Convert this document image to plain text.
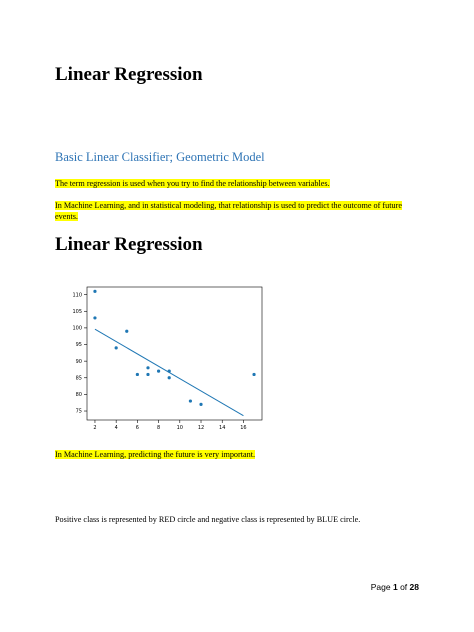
Linear Regression
Basic Linear Classifier; Geometric Model
The term regression is used when you try to find the relationship between variables.
In Machine Learning, and in statistical modeling, that relationship is used to predict the outcome of future events.
Linear Regression
2	4	6	8	10	12	14	16
75
80
85
90
95
100
105
110
In Machine Learning, predicting the future is very important.
Positive class is represented by RED circle and negative class is represented by BLUE circle.
Page 1 of 28
